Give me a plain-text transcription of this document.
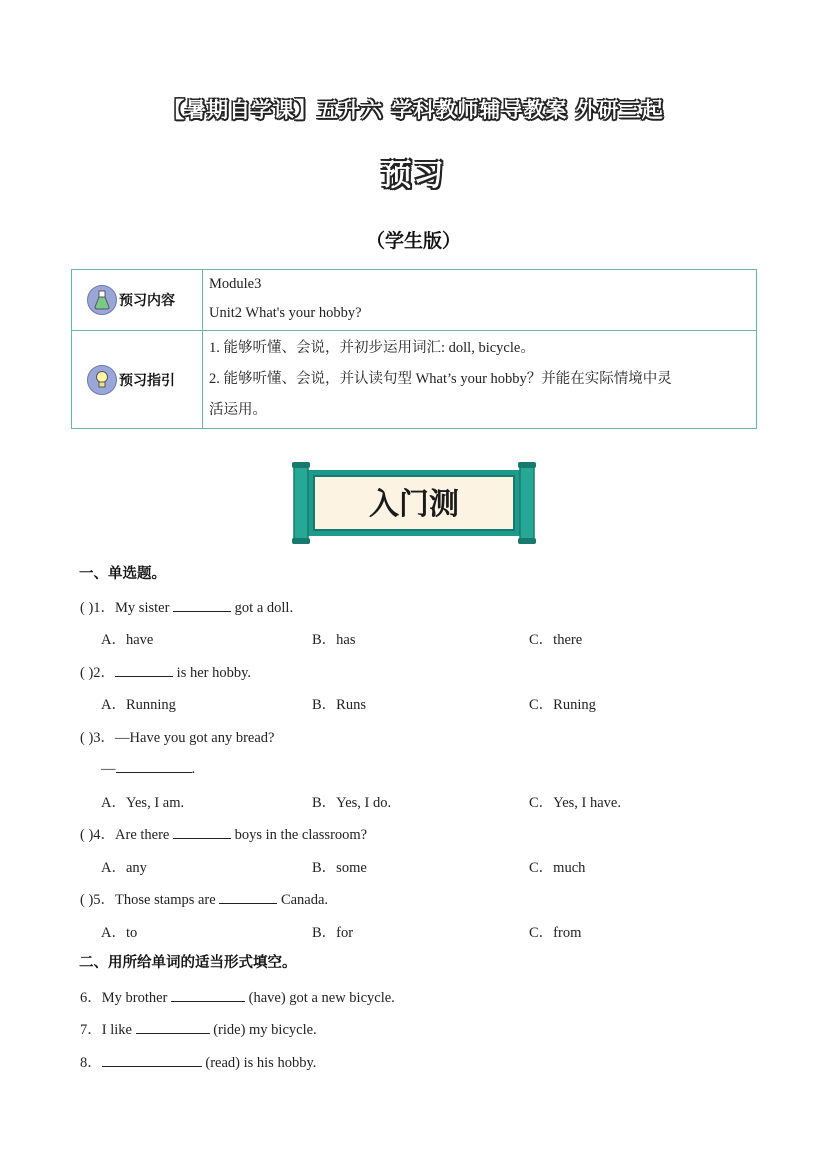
【暑期自学课】五升六 学科教师辅导教案 外研三起
预习
（学生版）
预习内容	Module3
Unit2 What's your hobby?

预习指引	1. 能够听懂、会说，并初步运用词汇: doll, bicycle。
2. 能够听懂、会说，并认读句型 What’s your hobby？并能在实际情境中灵
活运用。
入门测
一、单选题。
( )1．My sister	got a doll.
A．have	B．has	C．there
( )2．	is her hobby.
A．Running	B．Runs	C．Runing
( )3．—Have you got any bread?
—	.
A．Yes, I am.	B．Yes, I do.	C．Yes, I have.
( )4．Are there	boys in the classroom?
A．any	B．some	C．much
( )5．Those stamps are	Canada.
A．to	B．for	C．from
二、用所给单词的适当形式填空。
6．My brother	(have) got a new bicycle.
7．I like	(ride) my bicycle.
8．	(read) is his hobby.
